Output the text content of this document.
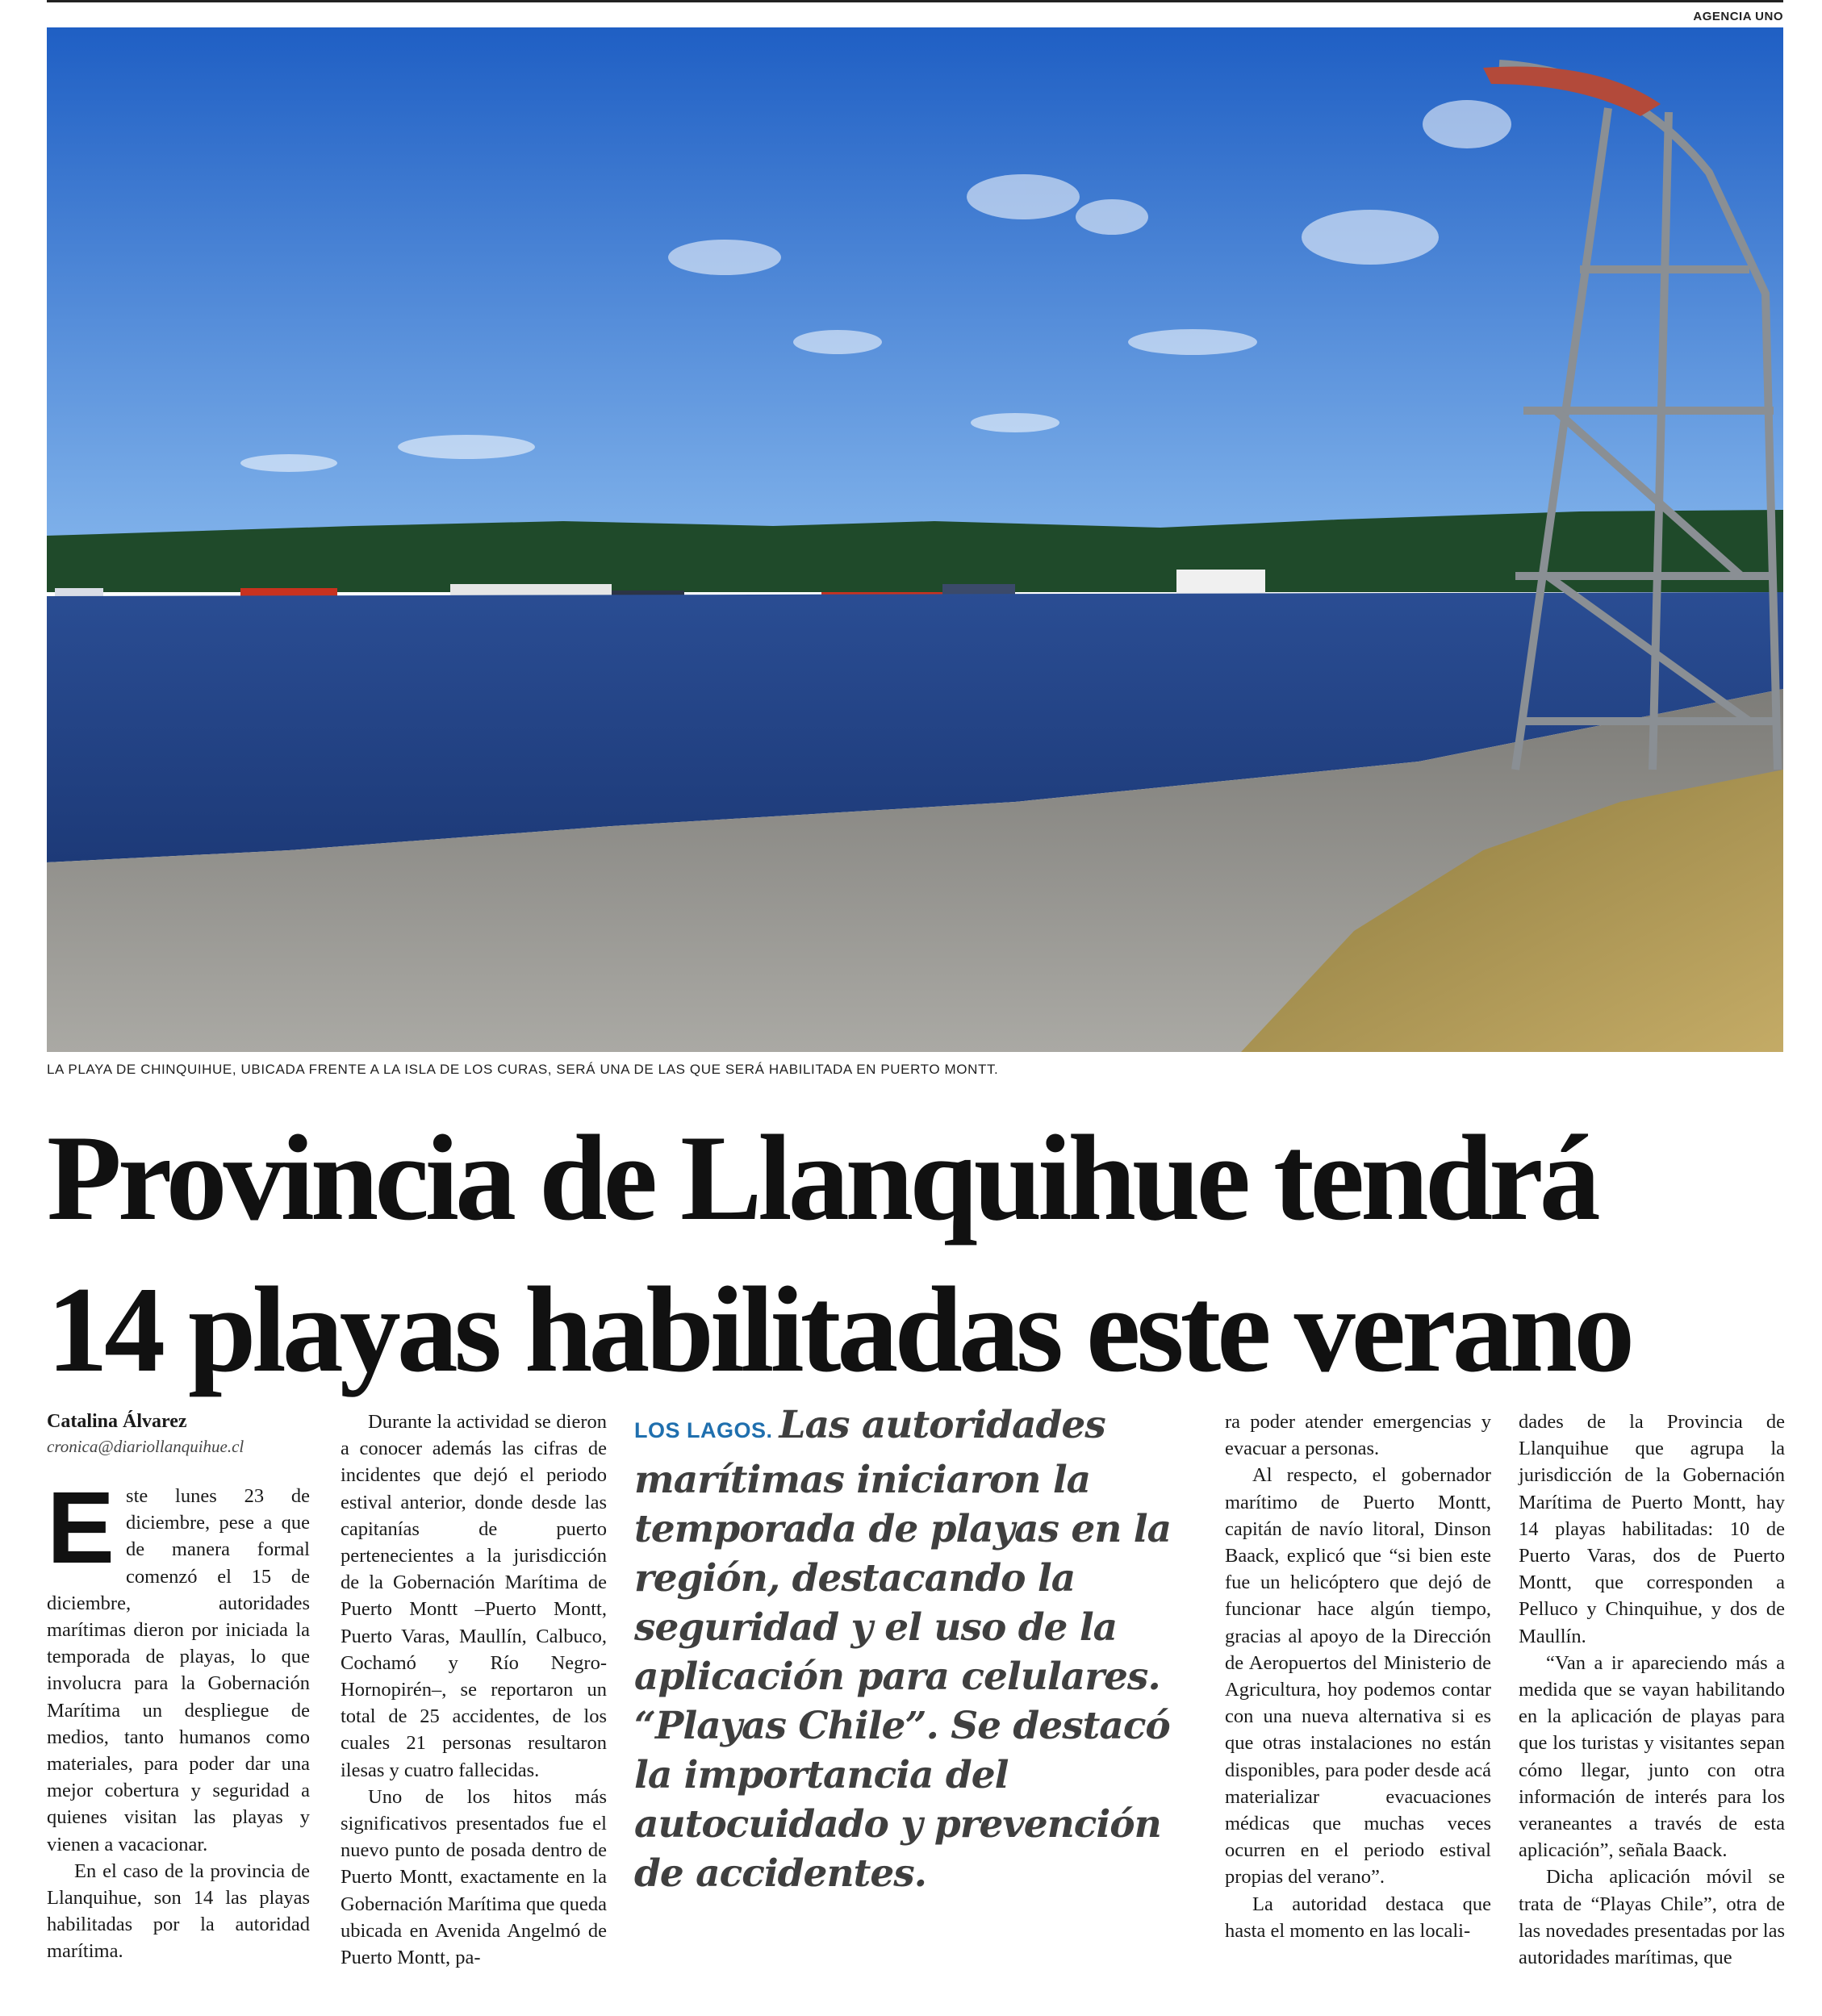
AGENCIA UNO
LA PLAYA DE CHINQUIHUE, UBICADA FRENTE A LA ISLA DE LOS CURAS, SERÁ UNA DE LAS QUE SERÁ HABILITADA EN PUERTO MONTT.
Provincia de Llanquihue tendrá
14 playas habilitadas este verano
Catalina Álvarez
cronica@diariollanquihue.cl

Este lunes 23 de diciembre, pese a que de manera formal comenzó el 15 de diciembre, autoridades marítimas dieron por iniciada la temporada de playas, lo que involucra para la Gobernación Marítima un despliegue de medios, tanto humanos como materiales, para poder dar una mejor cobertura y seguridad a quienes visitan las playas y vienen a vacacionar.

En el caso de la provincia de Llanquihue, son 14 las playas habilitadas por la autoridad marítima.

Durante la actividad se dieron a conocer además las cifras de incidentes que dejó el periodo estival anterior, donde desde las capitanías de puerto pertenecientes a la jurisdicción de la Gobernación Marítima de Puerto Montt –Puerto Montt, Puerto Varas, Maullín, Calbuco, Cochamó y Río Negro-Hornopirén–, se reportaron un total de 25 accidentes, de los cuales 21 personas resultaron ilesas y cuatro fallecidas.

Uno de los hitos más significativos presentados fue el nuevo punto de posada dentro de Puerto Montt, exactamente en la Gobernación Marítima que queda ubicada en Avenida Angelmó de Puerto Montt, pa-

LOS LAGOS. Las autoridades marítimas iniciaron la temporada de playas en la región, destacando la seguridad y el uso de la aplicación para celulares. “Playas Chile”. Se destacó la importancia del autocuidado y prevención de accidentes.

ra poder atender emergencias y evacuar a personas.

Al respecto, el gobernador marítimo de Puerto Montt, capitán de navío litoral, Dinson Baack, explicó que “si bien este fue un helicóptero que dejó de funcionar hace algún tiempo, gracias al apoyo de la Dirección de Aeropuertos del Ministerio de Agricultura, hoy podemos contar con una nueva alternativa si es que otras instalaciones no están disponibles, para poder desde acá materializar evacuaciones médicas que muchas veces ocurren en el periodo estival propias del verano”.

La autoridad destaca que hasta el momento en las locali-

dades de la Provincia de Llanquihue que agrupa la jurisdicción de la Gobernación Marítima de Puerto Montt, hay 14 playas habilitadas: 10 de Puerto Varas, dos de Puerto Montt, que corresponden a Pelluco y Chinquihue, y dos de Maullín.

“Van a ir apareciendo más a medida que se vayan habilitando en la aplicación de playas para que los turistas y visitantes sepan cómo llegar, junto con otra información de interés para los veraneantes a través de esta aplicación”, señala Baack.

Dicha aplicación móvil se trata de “Playas Chile”, otra de las novedades presentadas por las autoridades marítimas, que
